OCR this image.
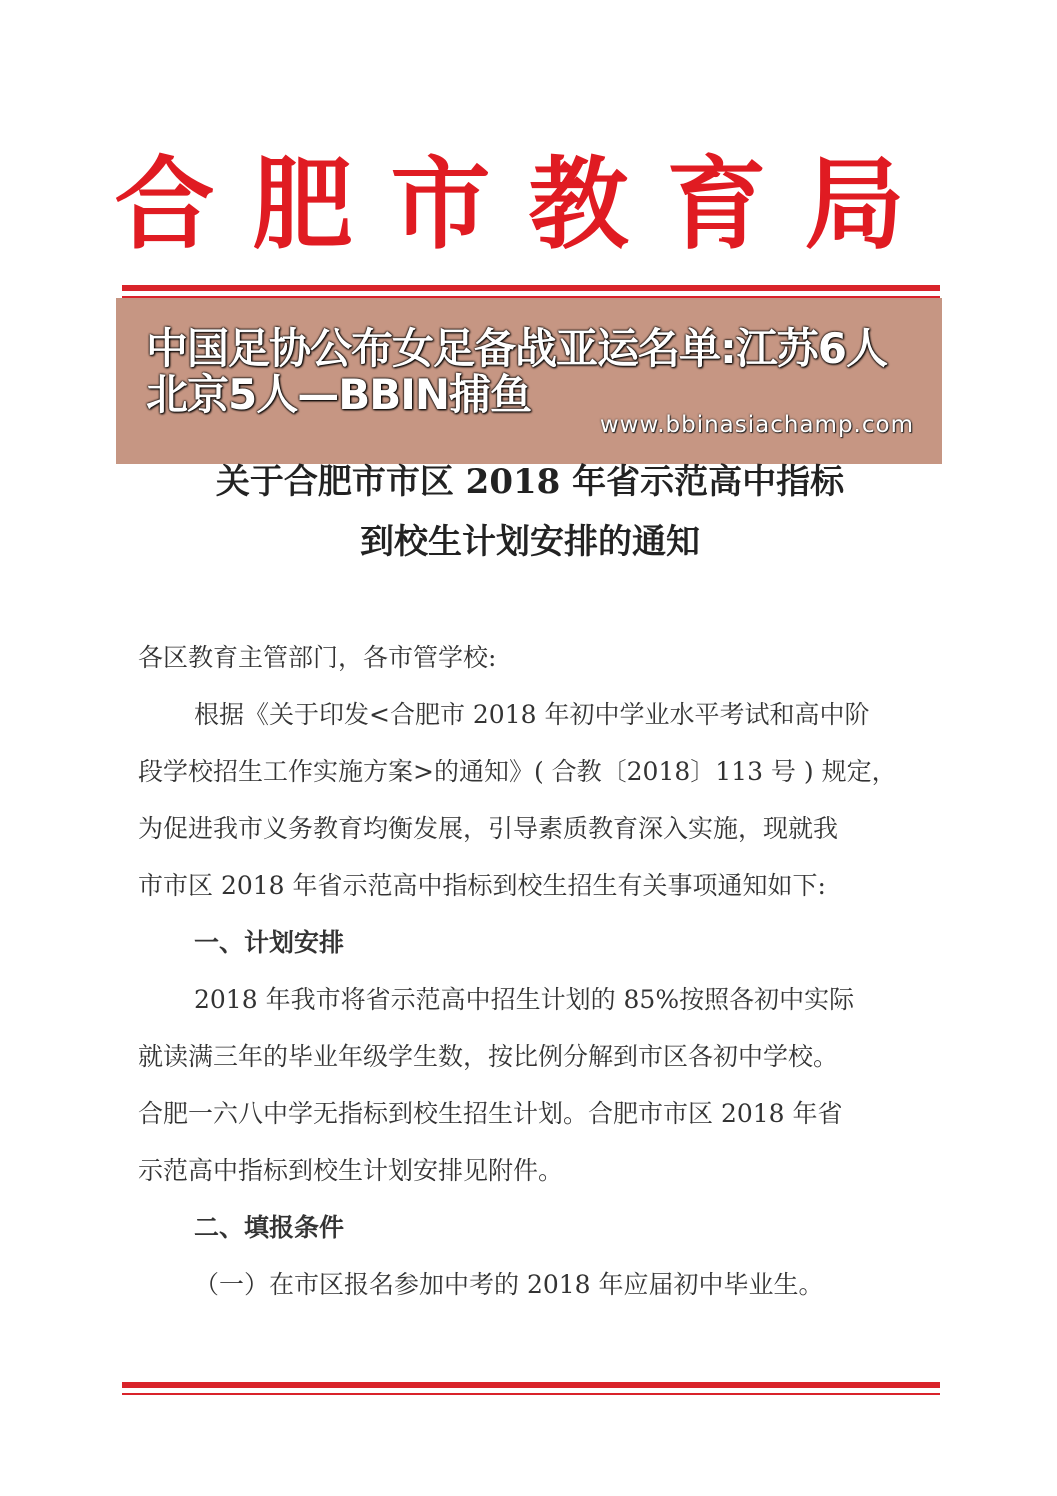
合肥市教育局
中国足协公布女足备战亚运名单:江苏6人北京5人—BBIN捕鱼
www.bbinasiachamp.com
关于合肥市市区 2018 年省示范高中指标
到校生计划安排的通知
各区教育主管部门，各市管学校:
根据《关于印发<合肥市 2018 年初中学业水平考试和高中阶
段学校招生工作实施方案>的通知》( 合教〔2018〕113 号 ) 规定，
为促进我市义务教育均衡发展，引导素质教育深入实施，现就我
市市区 2018 年省示范高中指标到校生招生有关事项通知如下:
一、计划安排
2018 年我市将省示范高中招生计划的 85%按照各初中实际
就读满三年的毕业年级学生数，按比例分解到市区各初中学校。
合肥一六八中学无指标到校生招生计划。合肥市市区 2018 年省
示范高中指标到校生计划安排见附件。
二、填报条件
（一）在市区报名参加中考的 2018 年应届初中毕业生。
